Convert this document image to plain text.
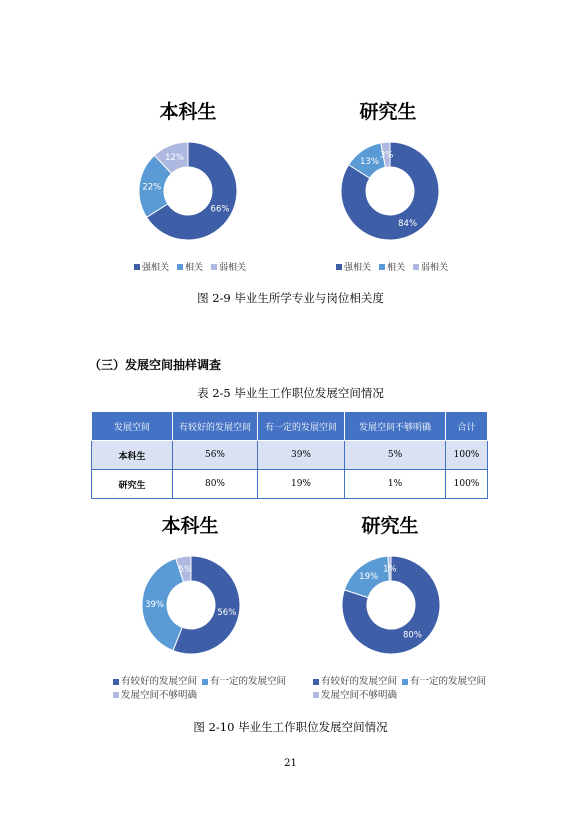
本科生	研究生
66%
22%
12%
84%
13%
3%
强相关 相关 弱相关	强相关 相关 弱相关
图 2-9 毕业生所学专业与岗位相关度
（三）发展空间抽样调查
表 2-5 毕业生工作职位发展空间情况
发展空间	有较好的发展空间	有一定的发展空间	发展空间不够明确	合计
本科生	56%	39%	5%	100%
研究生	80%	19%	1%	100%
本科生	研究生
56%
39%
5%
80%
19%
1%
有较好的发展空间
有一定的发展空间
发展空间不够明确
有较好的发展空间
有一定的发展空间
发展空间不够明确
图 2-10 毕业生工作职位发展空间情况
21
